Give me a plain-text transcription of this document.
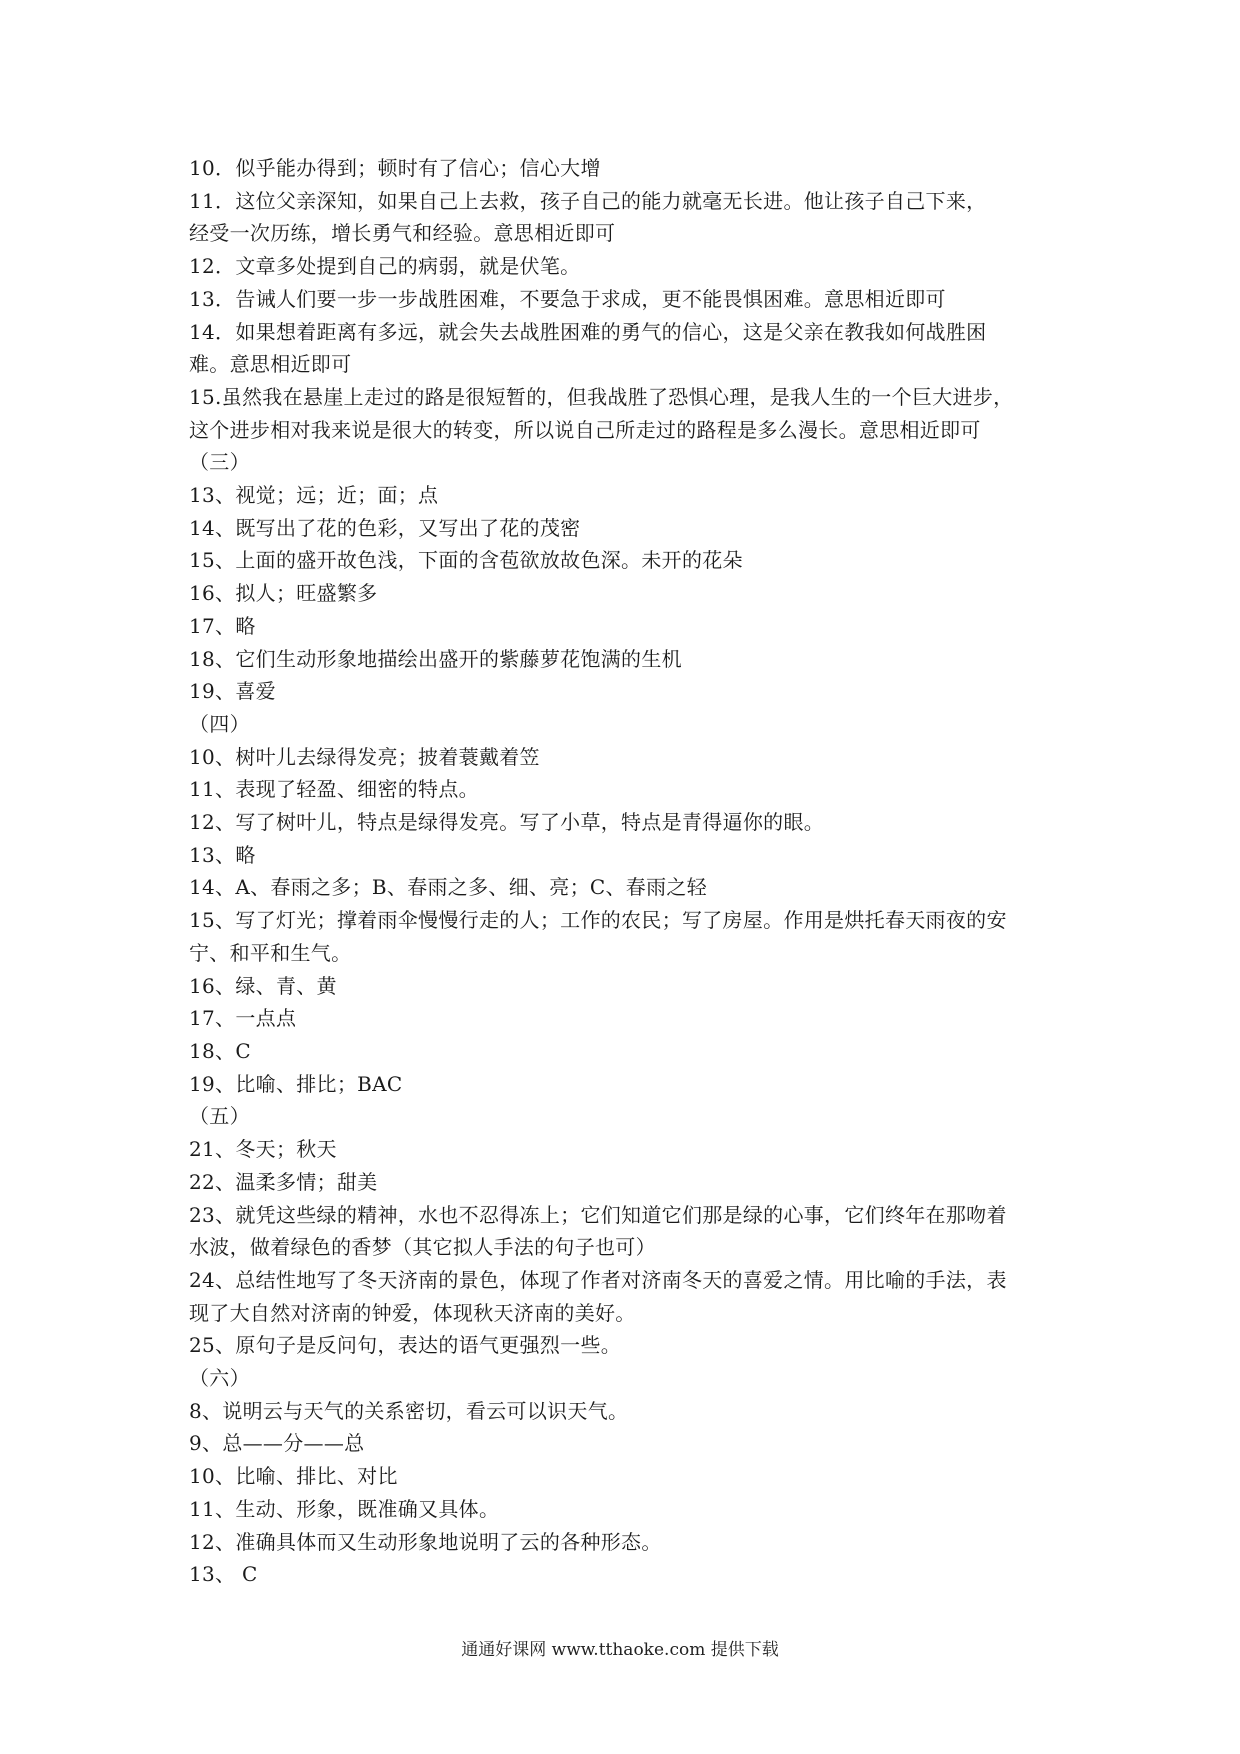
10．似乎能办得到；顿时有了信心；信心大增
11．这位父亲深知，如果自己上去救，孩子自己的能力就毫无长进。他让孩子自己下来，
经受一次历练，增长勇气和经验。意思相近即可
12．文章多处提到自己的病弱，就是伏笔。
13．告诫人们要一步一步战胜困难，不要急于求成，更不能畏惧困难。意思相近即可
14．如果想着距离有多远，就会失去战胜困难的勇气的信心，这是父亲在教我如何战胜困
难。意思相近即可
15.虽然我在悬崖上走过的路是很短暂的，但我战胜了恐惧心理，是我人生的一个巨大进步，
这个进步相对我来说是很大的转变，所以说自己所走过的路程是多么漫长。意思相近即可
（三）
13、视觉；远；近；面；点
14、既写出了花的色彩，又写出了花的茂密
15、上面的盛开故色浅，下面的含苞欲放故色深。未开的花朵
16、拟人；旺盛繁多
17、略
18、它们生动形象地描绘出盛开的紫藤萝花饱满的生机
19、喜爱
（四）
10、树叶儿去绿得发亮；披着蓑戴着笠
11、表现了轻盈、细密的特点。
12、写了树叶儿，特点是绿得发亮。写了小草，特点是青得逼你的眼。
13、略
14、A、春雨之多；B、春雨之多、细、亮；C、春雨之轻
15、写了灯光；撑着雨伞慢慢行走的人；工作的农民；写了房屋。作用是烘托春天雨夜的安
宁、和平和生气。
16、绿、青、黄
17、一点点
18、C
19、比喻、排比；BAC
（五）
21、冬天；秋天
22、温柔多情；甜美
23、就凭这些绿的精神，水也不忍得冻上；它们知道它们那是绿的心事，它们终年在那吻着
水波，做着绿色的香梦（其它拟人手法的句子也可）
24、总结性地写了冬天济南的景色，体现了作者对济南冬天的喜爱之情。用比喻的手法，表
现了大自然对济南的钟爱，体现秋天济南的美好。
25、原句子是反问句，表达的语气更强烈一些。
（六）
8、说明云与天气的关系密切，看云可以识天气。
9、总——分——总
10、比喻、排比、对比
11、生动、形象，既准确又具体。
12、准确具体而又生动形象地说明了云的各种形态。
13、 C
通通好课网 www.tthaoke.com 提供下载
